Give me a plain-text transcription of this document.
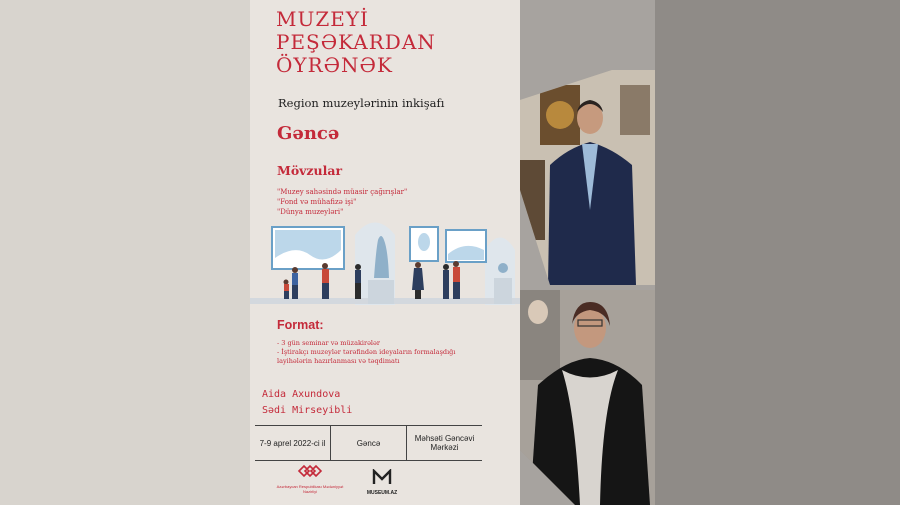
MUZEYİ
PEŞƏKARDAN
ÖYRƏNƏK
Region muzeylərinin inkişafı
Gəncə
Mövzular
"Muzey sahəsində müasir çağırışlar"
"Fond və mühafizə işi"
"Dünya muzeyləri"
Format:
- 3 gün seminar və müzakirələr
- İştirakçı muzeylər tərəfindən ideyaların formalaşdığı
layihələrin hazırlanması və təqdimatı
Aida Axundova
Sədi Mirseyibli
7-9 aprel 2022-ci il	Gəncə	Məhsəti Gəncəvi Mərkəzi
Azərbaycan Respublikası Mədəniyyət Nazirliyi	MUSEUM.AZ
